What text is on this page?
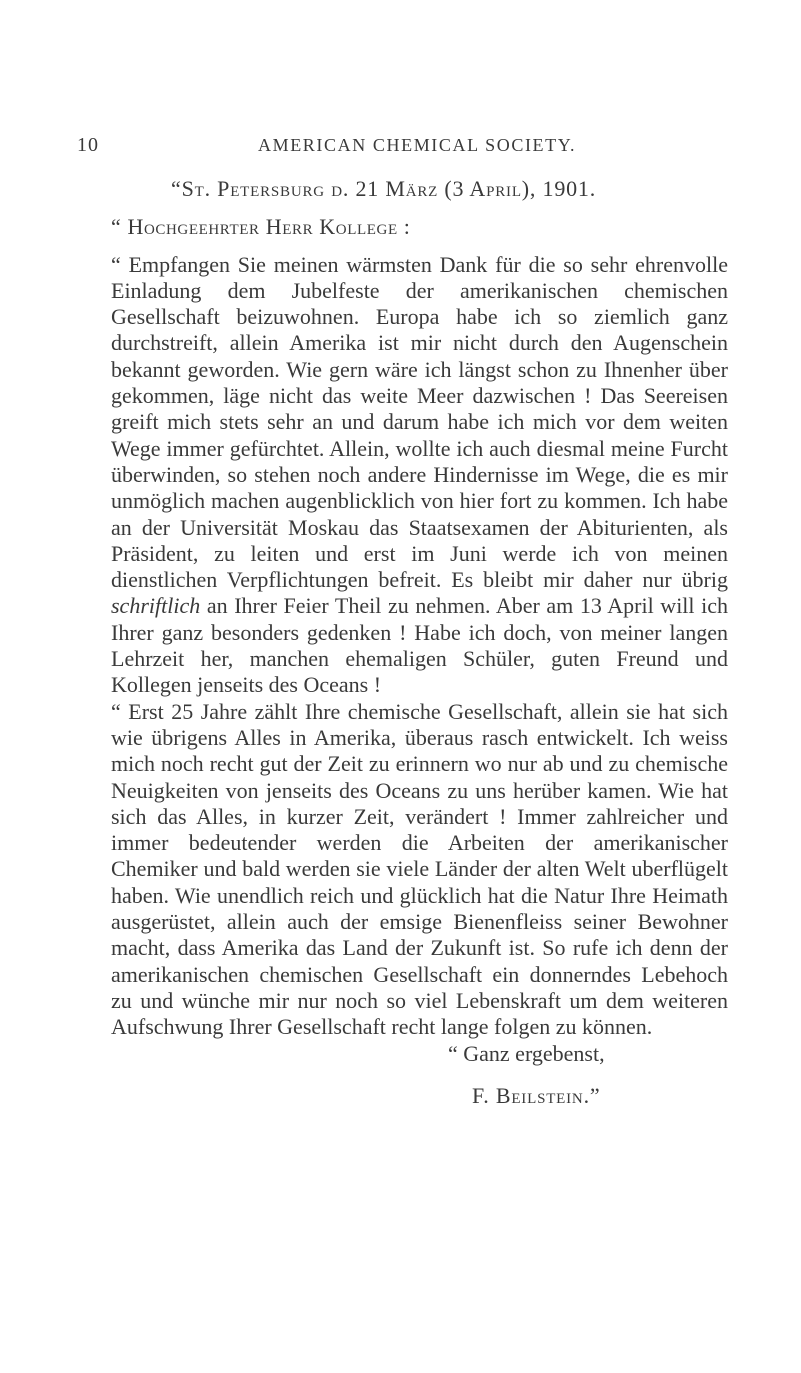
10	AMERICAN CHEMICAL SOCIETY.

“St. Petersburg d. 21 März (3 April), 1901.

“ Hochgeehrter Herr Kollege :

“ Empfangen Sie meinen wärmsten Dank für die so sehr ehrenvolle Einladung dem Jubelfeste der amerikanischen chemischen Gesellschaft beizuwohnen. Europa habe ich so ziemlich ganz durchstreift, allein Amerika ist mir nicht durch den Augenschein bekannt geworden. Wie gern wäre ich längst schon zu Ihnenher über gekommen, läge nicht das weite Meer dazwischen ! Das Seereisen greift mich stets sehr an und darum habe ich mich vor dem weiten Wege immer gefürchtet. Allein, wollte ich auch diesmal meine Furcht überwinden, so stehen noch andere Hindernisse im Wege, die es mir unmöglich machen augenblicklich von hier fort zu kommen. Ich habe an der Universität Moskau das Staatsexamen der Abiturienten, als Präsident, zu leiten und erst im Juni werde ich von meinen dienstlichen Verpflichtungen befreit. Es bleibt mir daher nur übrig schriftlich an Ihrer Feier Theil zu nehmen. Aber am 13 April will ich Ihrer ganz besonders gedenken ! Habe ich doch, von meiner langen Lehrzeit her, manchen ehemaligen Schüler, guten Freund und Kollegen jenseits des Oceans !

“ Erst 25 Jahre zählt Ihre chemische Gesellschaft, allein sie hat sich wie übrigens Alles in Amerika, überaus rasch entwickelt. Ich weiss mich noch recht gut der Zeit zu erinnern wo nur ab und zu chemische Neuigkeiten von jenseits des Oceans zu uns herüber kamen. Wie hat sich das Alles, in kurzer Zeit, verändert ! Immer zahlreicher und immer bedeutender werden die Arbeiten der amerikanischer Chemiker und bald werden sie viele Länder der alten Welt uberflügelt haben. Wie unendlich reich und glücklich hat die Natur Ihre Heimath ausgerüstet, allein auch der emsige Bienenfleiss seiner Bewohner macht, dass Amerika das Land der Zukunft ist. So rufe ich denn der amerikanischen chemischen Gesellschaft ein donnerndes Lebehoch zu und wünche mir nur noch so viel Lebenskraft um dem weiteren Aufschwung Ihrer Gesellschaft recht lange folgen zu können.

“ Ganz ergebenst,

F. Beilstein.”
